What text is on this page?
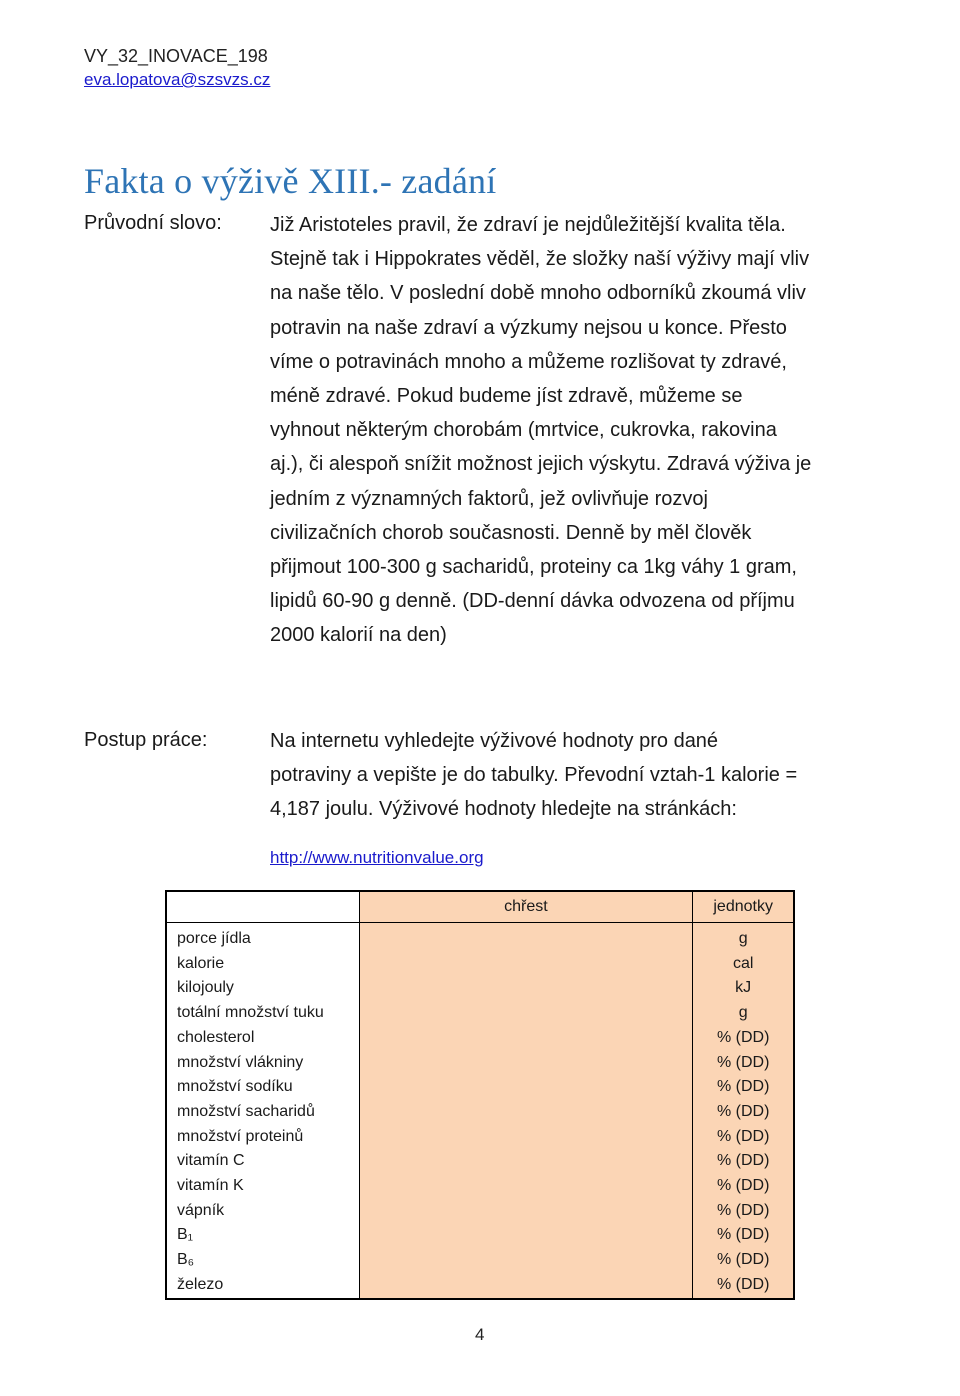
VY_32_INOVACE_198
eva.lopatova@szsvzs.cz
Fakta o výživě XIII.- zadání
Průvodní slovo: Již Aristoteles pravil, že zdraví je nejdůležitější kvalita těla.
Stejně tak i Hippokrates věděl, že složky naší výživy mají vliv
na naše tělo. V poslední době mnoho odborníků zkoumá vliv
potravin na naše zdraví a výzkumy nejsou u konce. Přesto
víme o potravinách mnoho a můžeme rozlišovat ty zdravé,
méně zdravé. Pokud budeme jíst zdravě, můžeme se
vyhnout některým chorobám (mrtvice, cukrovka, rakovina
aj.), či alespoň snížit možnost jejich výskytu. Zdravá výživa je
jedním z významných faktorů, jež ovlivňuje rozvoj
civilizačních chorob současnosti. Denně by měl člověk
přijmout 100-300 g sacharidů, proteiny ca 1kg váhy 1 gram,
lipidů 60-90 g denně. (DD-denní dávka odvozena od příjmu
2000 kalorií na den)
Postup práce:	Na internetu vyhledejte výživové hodnoty pro dané
potraviny a vepište je do tabulky. Převodní vztah-1 kalorie =
4,187 joulu. Výživové hodnoty hledejte na stránkách:
http://www.nutritionvalue.org
	chřest	jednotky
porce jídla		g
kalorie		cal
kilojouly		kJ
totální množství tuku		g
cholesterol		% (DD)
množství vlákniny		% (DD)
množství sodíku		% (DD)
množství sacharidů		% (DD)
množství proteinů		% (DD)
vitamín C		% (DD)
vitamín K		% (DD)
vápník		% (DD)
B₁		% (DD)
B₆		% (DD)
železo		% (DD)
4
